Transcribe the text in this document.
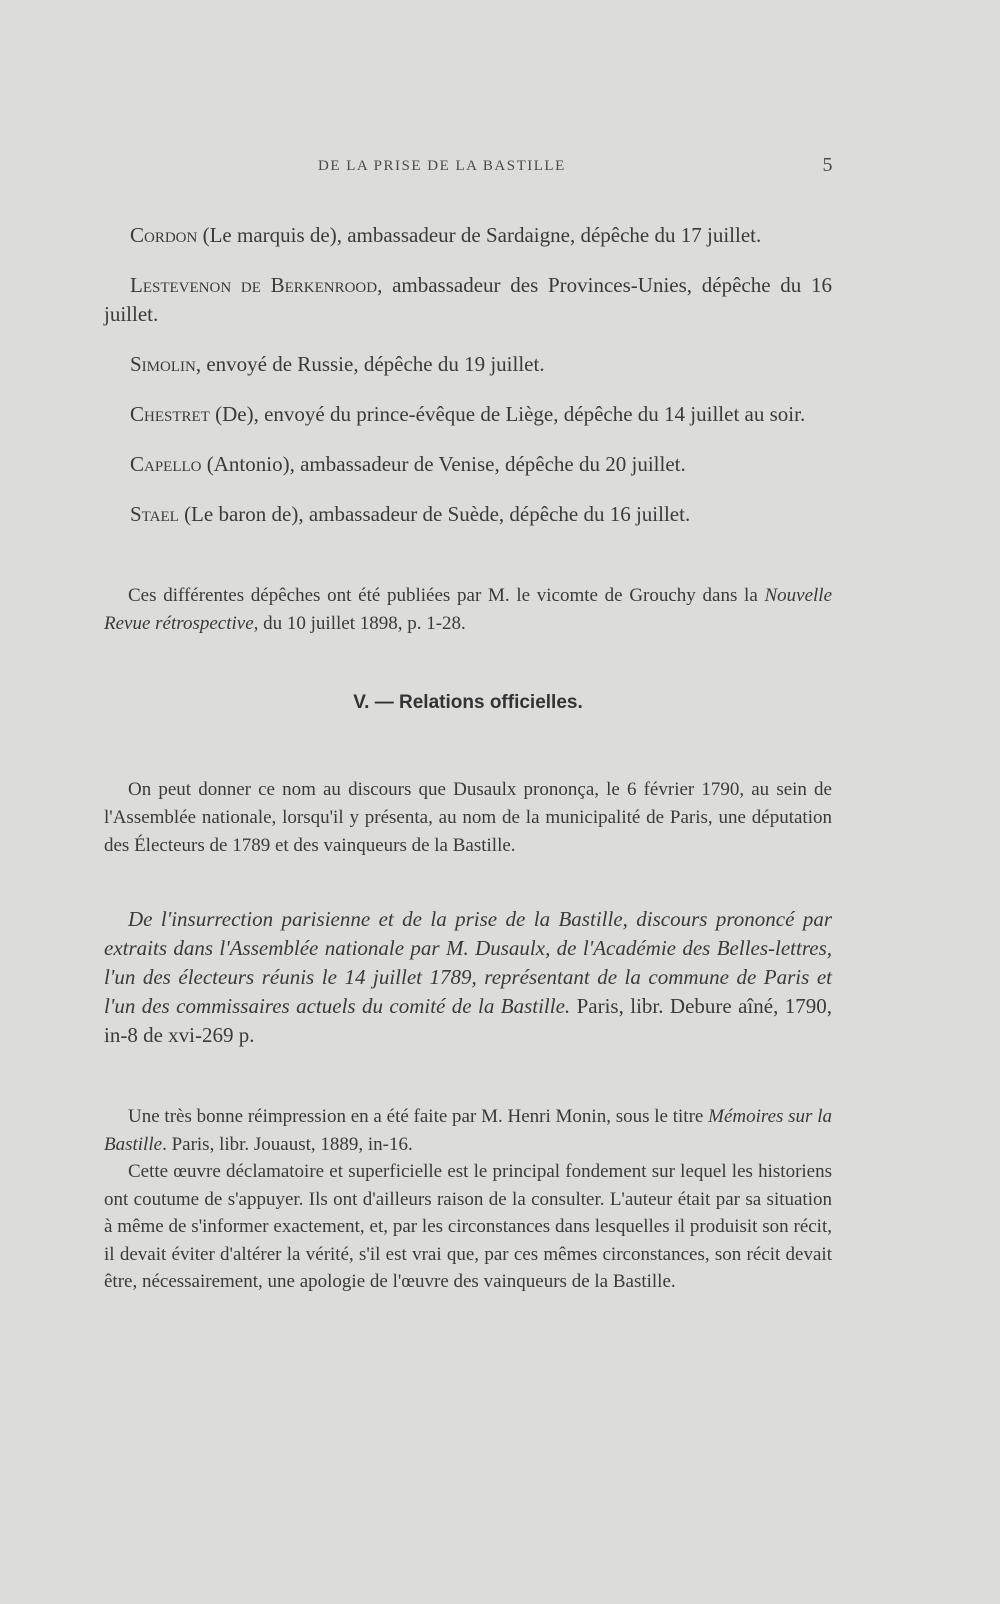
DE LA PRISE DE LA BASTILLE	5

Cordon (Le marquis de), ambassadeur de Sardaigne, dépêche du 17 juillet.

Lestevenon de Berkenrood, ambassadeur des Provinces-Unies, dépêche du 16 juillet.

Simolin, envoyé de Russie, dépêche du 19 juillet.

Chestret (De), envoyé du prince-évêque de Liège, dépêche du 14 juillet au soir.

Capello (Antonio), ambassadeur de Venise, dépêche du 20 juillet.

Stael (Le baron de), ambassadeur de Suède, dépêche du 16 juillet.

Ces différentes dépêches ont été publiées par M. le vicomte de Grouchy dans la Nouvelle Revue rétrospective, du 10 juillet 1898, p. 1-28.

V. — Relations officielles.

On peut donner ce nom au discours que Dusaulx prononça, le 6 février 1790, au sein de l'Assemblée nationale, lorsqu'il y présenta, au nom de la municipalité de Paris, une députation des Électeurs de 1789 et des vainqueurs de la Bastille.

De l'insurrection parisienne et de la prise de la Bastille, discours prononcé par extraits dans l'Assemblée nationale par M. Dusaulx, de l'Académie des Belles-lettres, l'un des électeurs réunis le 14 juillet 1789, représentant de la commune de Paris et l'un des commissaires actuels du comité de la Bastille. Paris, libr. Debure aîné, 1790, in-8 de xvi-269 p.

Une très bonne réimpression en a été faite par M. Henri Monin, sous le titre Mémoires sur la Bastille. Paris, libr. Jouaust, 1889, in-16.

Cette œuvre déclamatoire et superficielle est le principal fondement sur lequel les historiens ont coutume de s'appuyer. Ils ont d'ailleurs raison de la consulter. L'auteur était par sa situation à même de s'informer exactement, et, par les circonstances dans lesquelles il produisit son récit, il devait éviter d'altérer la vérité, s'il est vrai que, par ces mêmes circonstances, son récit devait être, nécessairement, une apologie de l'œuvre des vainqueurs de la Bastille.
